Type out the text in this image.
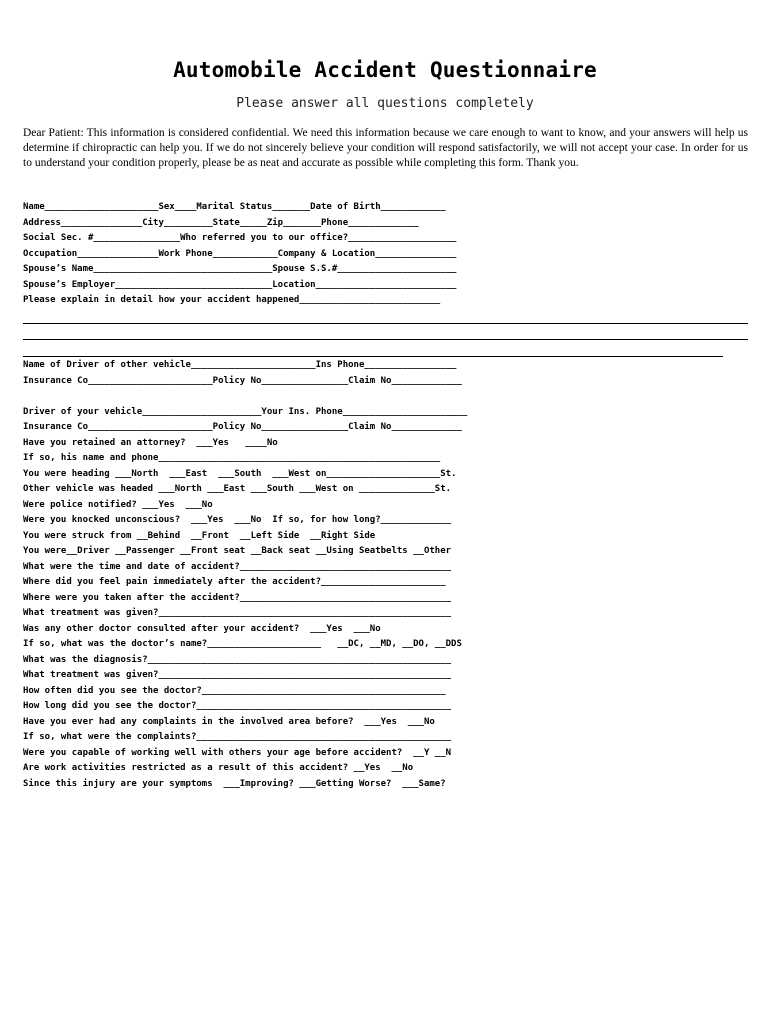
Automobile Accident Questionnaire
Please answer all questions completely
Dear Patient: This information is considered confidential. We need this information because we care enough to want to know, and your answers will help us determine if chiropractic can help you. If we do not sincerely believe your condition will respond satisfactorily, we will not accept your case. In order for us to understand your condition properly, please be as neat and accurate as possible while completing this form. Thank you.
Name_____________________Sex____Marital Status_______Date of Birth____________
Address_______________City_________State_____Zip_______Phone_____________
Social Sec. #________________Who referred you to our office?____________________
Occupation_______________Work Phone____________Company & Location_______________
Spouse’s Name_________________________________Spouse S.S.#______________________
Spouse’s Employer_____________________________Location__________________________
Please explain in detail how your accident happened__________________________
Name of Driver of other vehicle_______________________Ins Phone_________________
Insurance Co_______________________Policy No________________Claim No_____________
Driver of your vehicle______________________Your Ins. Phone_______________________
Insurance Co_______________________Policy No________________Claim No_____________
Have you retained an attorney?  ___Yes   ____No
If so, his name and phone____________________________________________________
You were heading ___North  ___East  ___South  ___West on_____________________St.
Other vehicle was headed ___North ___East ___South ___West on ______________St.
Were police notified? ___Yes  ___No
Were you knocked unconscious?  ___Yes  ___No  If so, for how long?_____________
You were struck from __Behind  __Front  __Left Side  __Right Side
You were__Driver __Passenger __Front seat __Back seat __Using Seatbelts __Other
What were the time and date of accident?_______________________________________
Where did you feel pain immediately after the accident?_______________________
Where were you taken after the accident?_______________________________________
What treatment was given?______________________________________________________
Was any other doctor consulted after your accident?  ___Yes  ___No
If so, what was the doctor’s name?_____________________   __DC, __MD, __DO, __DDS
What was the diagnosis?________________________________________________________
What treatment was given?______________________________________________________
How often did you see the doctor?_____________________________________________
How long did you see the doctor?_______________________________________________
Have you ever had any complaints in the involved area before?  ___Yes  ___No
If so, what were the complaints?_______________________________________________
Were you capable of working well with others your age before accident?  __Y __N
Are work activities restricted as a result of this accident? __Yes  __No
Since this injury are your symptoms  ___Improving? ___Getting Worse?  ___Same?
